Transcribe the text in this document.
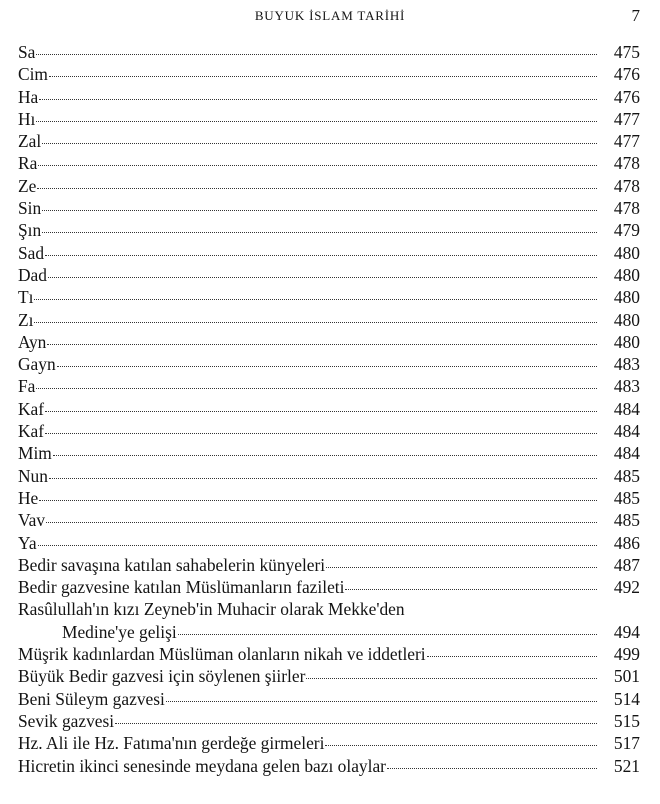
BUYUK İSLAM TARİHİ	7
Sa	475
Cim	476
Ha	476
Hı	477
Zal	477
Ra	478
Ze	478
Sin	478
Şın	479
Sad	480
Dad	480
Tı	480
Zı	480
Ayn	480
Gayn	483
Fa	483
Kaf	484
Kaf	484
Mim	484
Nun	485
He	485
Vav	485
Ya	486
Bedir savaşına katılan sahabelerin künyeleri	487
Bedir gazvesine katılan Müslümanların fazileti	492
Rasûlullah'ın kızı Zeyneb'in Muhacir olarak Mekke'den
Medine'ye gelişi	494
Müşrik kadınlardan Müslüman olanların nikah ve iddetleri	499
Büyük Bedir gazvesi için söylenen şiirler	501
Beni Süleym gazvesi	514
Sevik gazvesi	515
Hz. Ali ile Hz. Fatıma'nın gerdeğe girmeleri	517
Hicretin ikinci senesinde meydana gelen bazı olaylar	521
